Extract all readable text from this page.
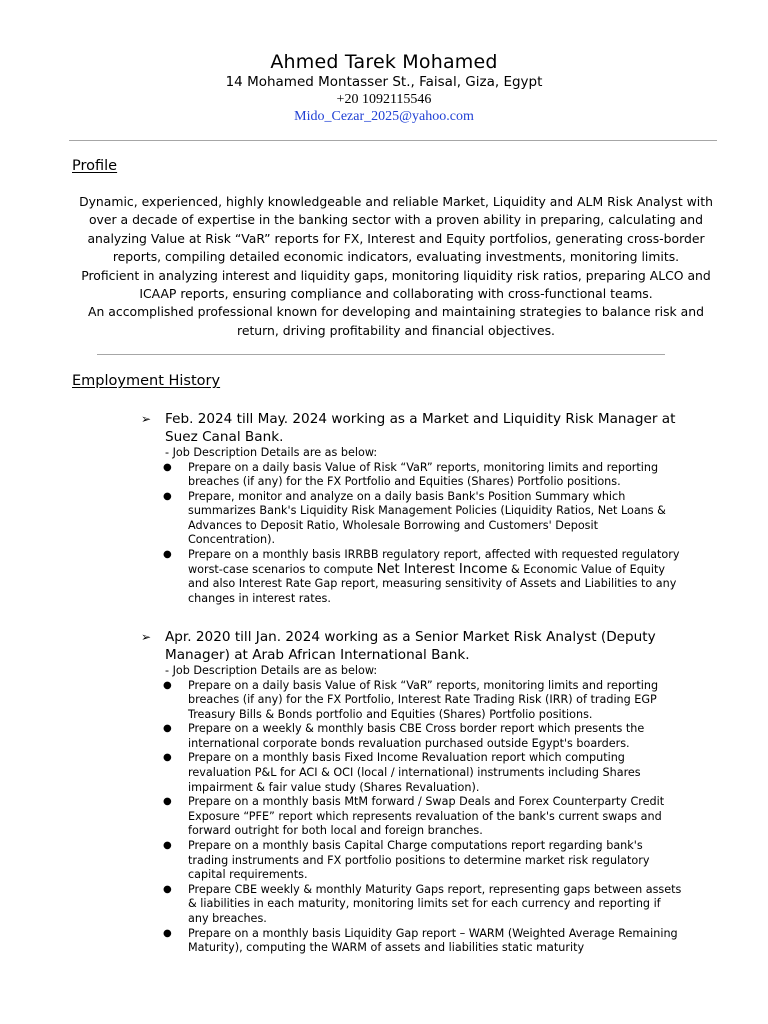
Ahmed Tarek Mohamed
14 Mohamed Montasser St., Faisal, Giza, Egypt
+20 1092115546
Mido_Cezar_2025@yahoo.com
Profile

Dynamic, experienced, highly knowledgeable and reliable Market, Liquidity and ALM Risk Analyst with over a decade of expertise in the banking sector with a proven ability in preparing, calculating and analyzing Value at Risk “VaR” reports for FX, Interest and Equity portfolios, generating cross-border reports, compiling detailed economic indicators, evaluating investments, monitoring limits.

Proficient in analyzing interest and liquidity gaps, monitoring liquidity risk ratios, preparing ALCO and ICAAP reports, ensuring compliance and collaborating with cross-functional teams.

An accomplished professional known for developing and maintaining strategies to balance risk and return, driving profitability and financial objectives.

Employment History
➢ Feb. 2024 till May. 2024 working as a Market and Liquidity Risk Manager at Suez Canal Bank.
- Job Description Details are as below:
● Prepare on a daily basis Value of Risk “VaR” reports, monitoring limits and reporting breaches (if any) for the FX Portfolio and Equities (Shares) Portfolio positions.
● Prepare, monitor and analyze on a daily basis Bank's Position Summary which summarizes Bank's Liquidity Risk Management Policies (Liquidity Ratios, Net Loans & Advances to Deposit Ratio, Wholesale Borrowing and Customers' Deposit Concentration).
● Prepare on a monthly basis IRRBB regulatory report, affected with requested regulatory worst-case scenarios to compute Net Interest Income & Economic Value of Equity and also Interest Rate Gap report, measuring sensitivity of Assets and Liabilities to any changes in interest rates.
➢ Apr. 2020 till Jan. 2024 working as a Senior Market Risk Analyst (Deputy Manager) at Arab African International Bank.
- Job Description Details are as below:
● Prepare on a daily basis Value of Risk “VaR” reports, monitoring limits and reporting breaches (if any) for the FX Portfolio, Interest Rate Trading Risk (IRR) of trading EGP Treasury Bills & Bonds portfolio and Equities (Shares) Portfolio positions.
● Prepare on a weekly & monthly basis CBE Cross border report which presents the international corporate bonds revaluation purchased outside Egypt's boarders.
● Prepare on a monthly basis Fixed Income Revaluation report which computing revaluation P&L for ACI & OCI (local / international) instruments including Shares impairment & fair value study (Shares Revaluation).
● Prepare on a monthly basis MtM forward / Swap Deals and Forex Counterparty Credit Exposure “PFE” report which represents revaluation of the bank's current swaps and forward outright for both local and foreign branches.
● Prepare on a monthly basis Capital Charge computations report regarding bank's trading instruments and FX portfolio positions to determine market risk regulatory capital requirements.
● Prepare CBE weekly & monthly Maturity Gaps report, representing gaps between assets & liabilities in each maturity, monitoring limits set for each currency and reporting if any breaches.
● Prepare on a monthly basis Liquidity Gap report – WARM (Weighted Average Remaining Maturity), computing the WARM of assets and liabilities static maturity
